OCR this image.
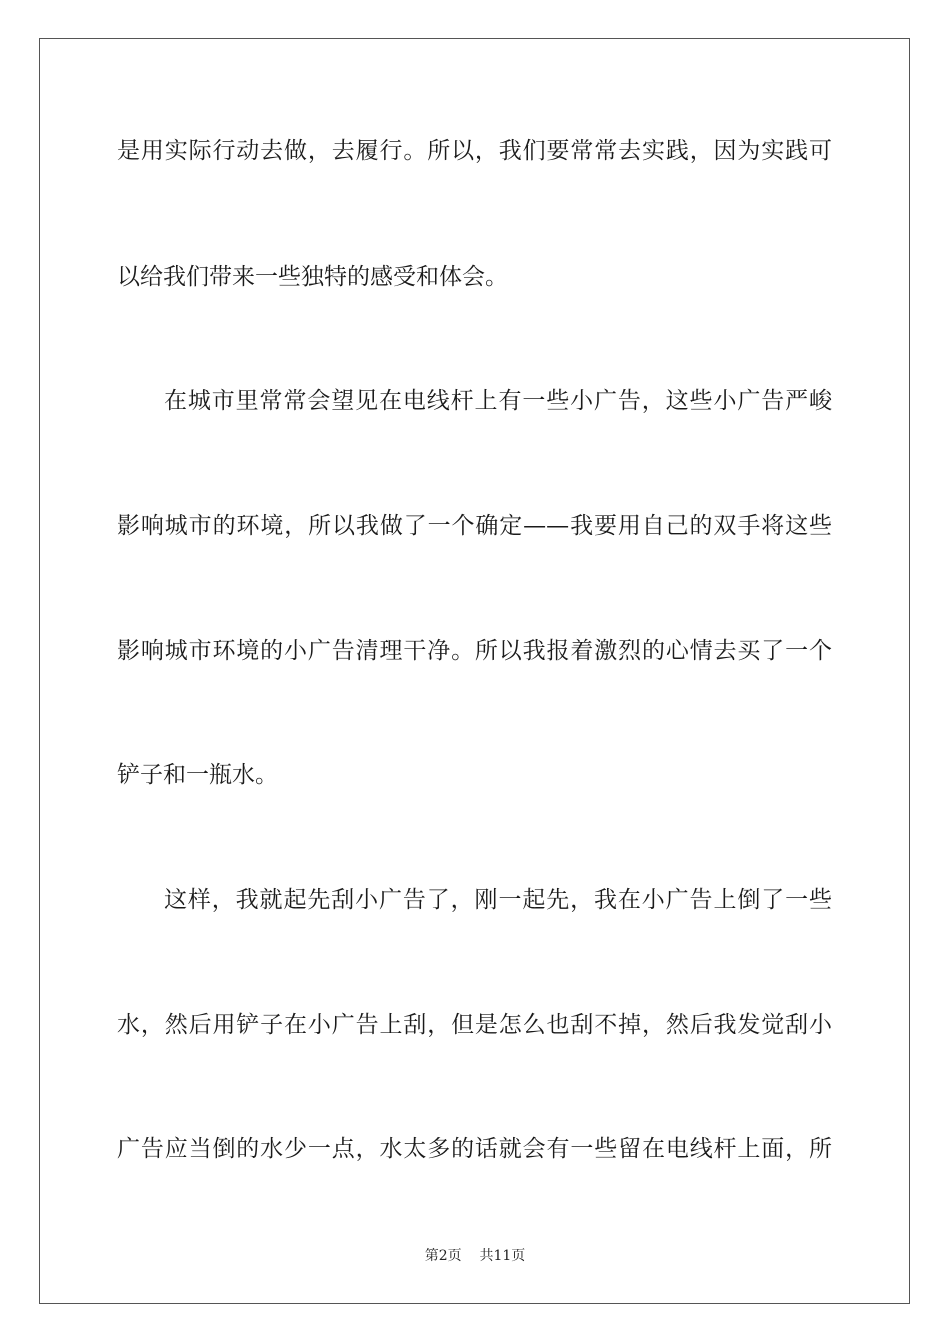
是用实际行动去做，去履行。所以，我们要常常去实践，因为实践可
以给我们带来一些独特的感受和体会。
在城市里常常会望见在电线杆上有一些小广告，这些小广告严峻
影响城市的环境，所以我做了一个确定——我要用自己的双手将这些
影响城市环境的小广告清理干净。所以我报着激烈的心情去买了一个
铲子和一瓶水。
这样，我就起先刮小广告了，刚一起先，我在小广告上倒了一些
水，然后用铲子在小广告上刮，但是怎么也刮不掉，然后我发觉刮小
广告应当倒的水少一点，水太多的话就会有一些留在电线杆上面，所
第2页 共11页
